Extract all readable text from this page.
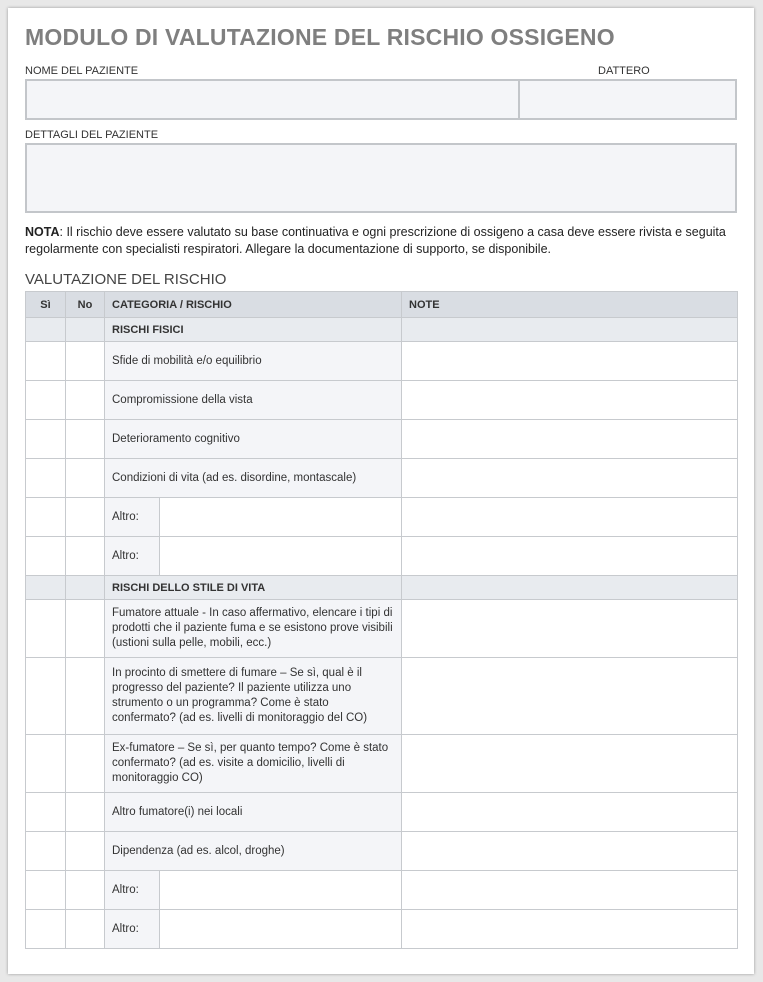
MODULO DI VALUTAZIONE DEL RISCHIO OSSIGENO
NOME DEL PAZIENTE	DATTERO
DETTAGLI DEL PAZIENTE
NOTA: Il rischio deve essere valutato su base continuativa e ogni prescrizione di ossigeno a casa deve essere rivista e seguita regolarmente con specialisti respiratori. Allegare la documentazione di supporto, se disponibile.
VALUTAZIONE DEL RISCHIO
Sì	No	CATEGORIA / RISCHIO		NOTE
		RISCHI FISICI		
		Sfide di mobilità e/o equilibrio		
		Compromissione della vista		
		Deterioramento cognitivo		
		Condizioni di vita (ad es. disordine, montascale)		
		Altro:		
		Altro:		
		RISCHI DELLO STILE DI VITA		
		Fumatore attuale - In caso affermativo, elencare i tipi di prodotti che il paziente fuma e se esistono prove visibili (ustioni sulla pelle, mobili, ecc.)		
		In procinto di smettere di fumare – Se sì, qual è il progresso del paziente? Il paziente utilizza uno strumento o un programma? Come è stato confermato? (ad es. livelli di monitoraggio del CO)		
		Ex-fumatore – Se sì, per quanto tempo? Come è stato confermato? (ad es. visite a domicilio, livelli di monitoraggio CO)		
		Altro fumatore(i) nei locali		
		Dipendenza (ad es. alcol, droghe)		
		Altro:		
		Altro:		
